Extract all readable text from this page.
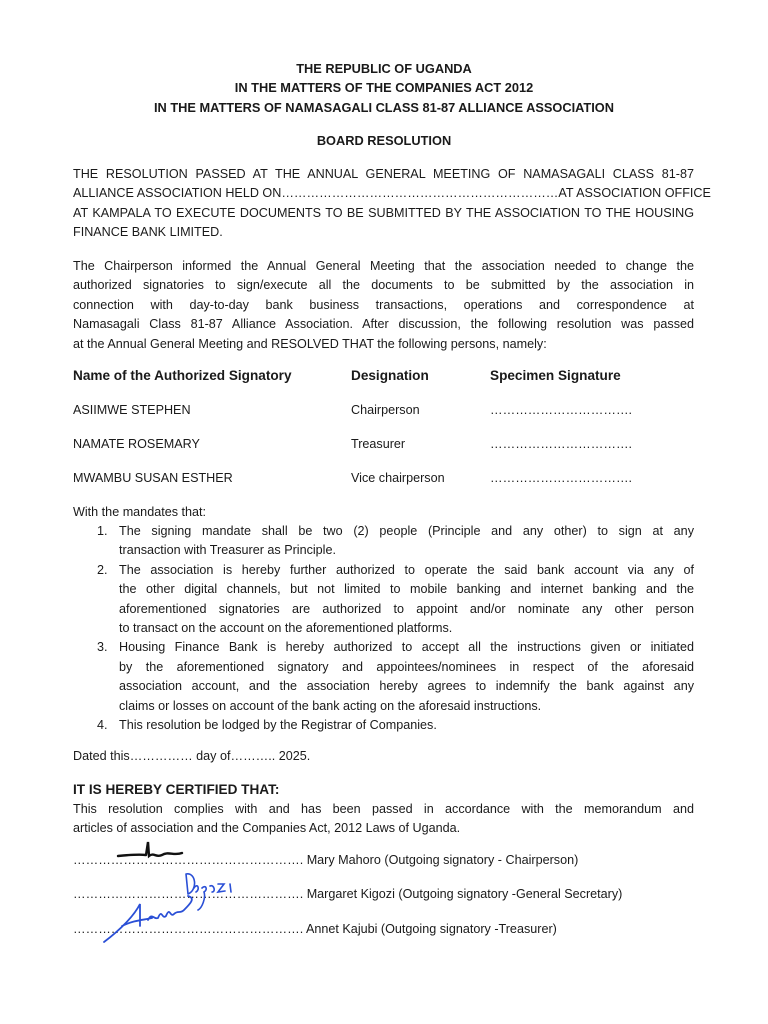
THE REPUBLIC OF UGANDA
IN THE MATTERS OF THE COMPANIES ACT 2012
IN THE MATTERS OF NAMASAGALI CLASS 81-87 ALLIANCE ASSOCIATION
BOARD RESOLUTION
THE RESOLUTION PASSED AT THE ANNUAL GENERAL MEETING OF NAMASAGALI CLASS 81-87
ALLIANCE ASSOCIATION HELD ON…………………………………………………………AT ASSOCIATION OFFICE
AT KAMPALA TO EXECUTE DOCUMENTS TO BE SUBMITTED BY THE ASSOCIATION TO THE HOUSING
FINANCE BANK LIMITED.
The Chairperson informed the Annual General Meeting that the association needed to change the
authorized signatories to sign/execute all the documents to be submitted by the association in
connection with day-to-day bank business transactions, operations and correspondence at
Namasagali Class 81-87 Alliance Association. After discussion, the following resolution was passed
at the Annual General Meeting and RESOLVED THAT the following persons, namely:
Name of the Authorized Signatory	Designation	Specimen Signature
ASIIMWE STEPHEN	Chairperson	…………………………….
NAMATE ROSEMARY	Treasurer	…………………………….
MWAMBU SUSAN ESTHER	Vice chairperson	…………………………….
With the mandates that:
1. The signing mandate shall be two (2) people (Principle and any other) to sign at any
transaction with Treasurer as Principle.
2. The association is hereby further authorized to operate the said bank account via any of
the other digital channels, but not limited to mobile banking and internet banking and the
aforementioned signatories are authorized to appoint and/or nominate any other person
to transact on the account on the aforementioned platforms.
3. Housing Finance Bank is hereby authorized to accept all the instructions given or initiated
by the aforementioned signatory and appointees/nominees in respect of the aforesaid
association account, and the association hereby agrees to indemnify the bank against any
claims or losses on account of the bank acting on the aforesaid instructions.
4. This resolution be lodged by the Registrar of Companies.
Dated this…………… day of……….. 2025.
IT IS HEREBY CERTIFIED THAT:
This resolution complies with and has been passed in accordance with the memorandum and
articles of association and the Companies Act, 2012 Laws of Uganda.
………………………………………………. Mary Mahoro (Outgoing signatory - Chairperson)
………………………………………………. Margaret Kigozi (Outgoing signatory -General Secretary)
………………………………………………. Annet Kajubi (Outgoing signatory -Treasurer)
